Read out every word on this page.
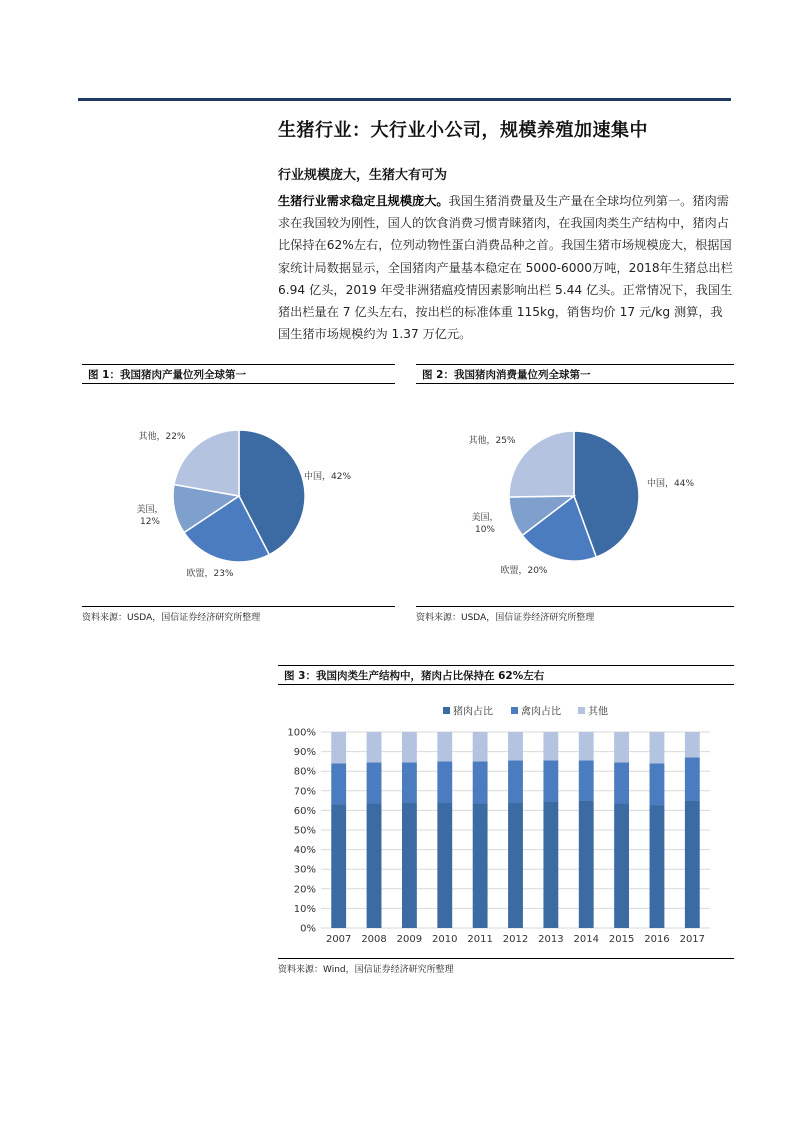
生猪行业：大行业小公司，规模养殖加速集中
行业规模庞大，生猪大有可为
生猪行业需求稳定且规模庞大。我国生猪消费量及生产量在全球均位列第一。猪肉需求在我国较为刚性，国人的饮食消费习惯青睐猪肉，在我国肉类生产结构中，猪肉占比保持在62%左右，位列动物性蛋白消费品种之首。我国生猪市场规模庞大，根据国家统计局数据显示，全国猪肉产量基本稳定在 5000-6000万吨，2018年生猪总出栏 6.94 亿头，2019 年受非洲猪瘟疫情因素影响出栏 5.44 亿头。正常情况下，我国生猪出栏量在 7 亿头左右，按出栏的标准体重 115kg，销售均价 17 元/kg 测算，我国生猪市场规模约为 1.37 万亿元。
图 1：我国猪肉产量位列全球第一
中国，42%
欧盟，23%
美国， 12%
其他，22%
资料来源：USDA，国信证券经济研究所整理
图 2：我国猪肉消费量位列全球第一
中国，44%
欧盟，20%
美国， 10%
其他，25%
资料来源：USDA，国信证券经济研究所整理
图 3：我国肉类生产结构中，猪肉占比保持在 62%左右
0%
10%
20%
30%
40%
50%
60%
70%
80%
90%
100%
2007 2008 2009 2010 2011 2012 2013 2014 2015 2016 2017
猪肉占比	禽肉占比	其他
资料来源：Wind，国信证券经济研究所整理
